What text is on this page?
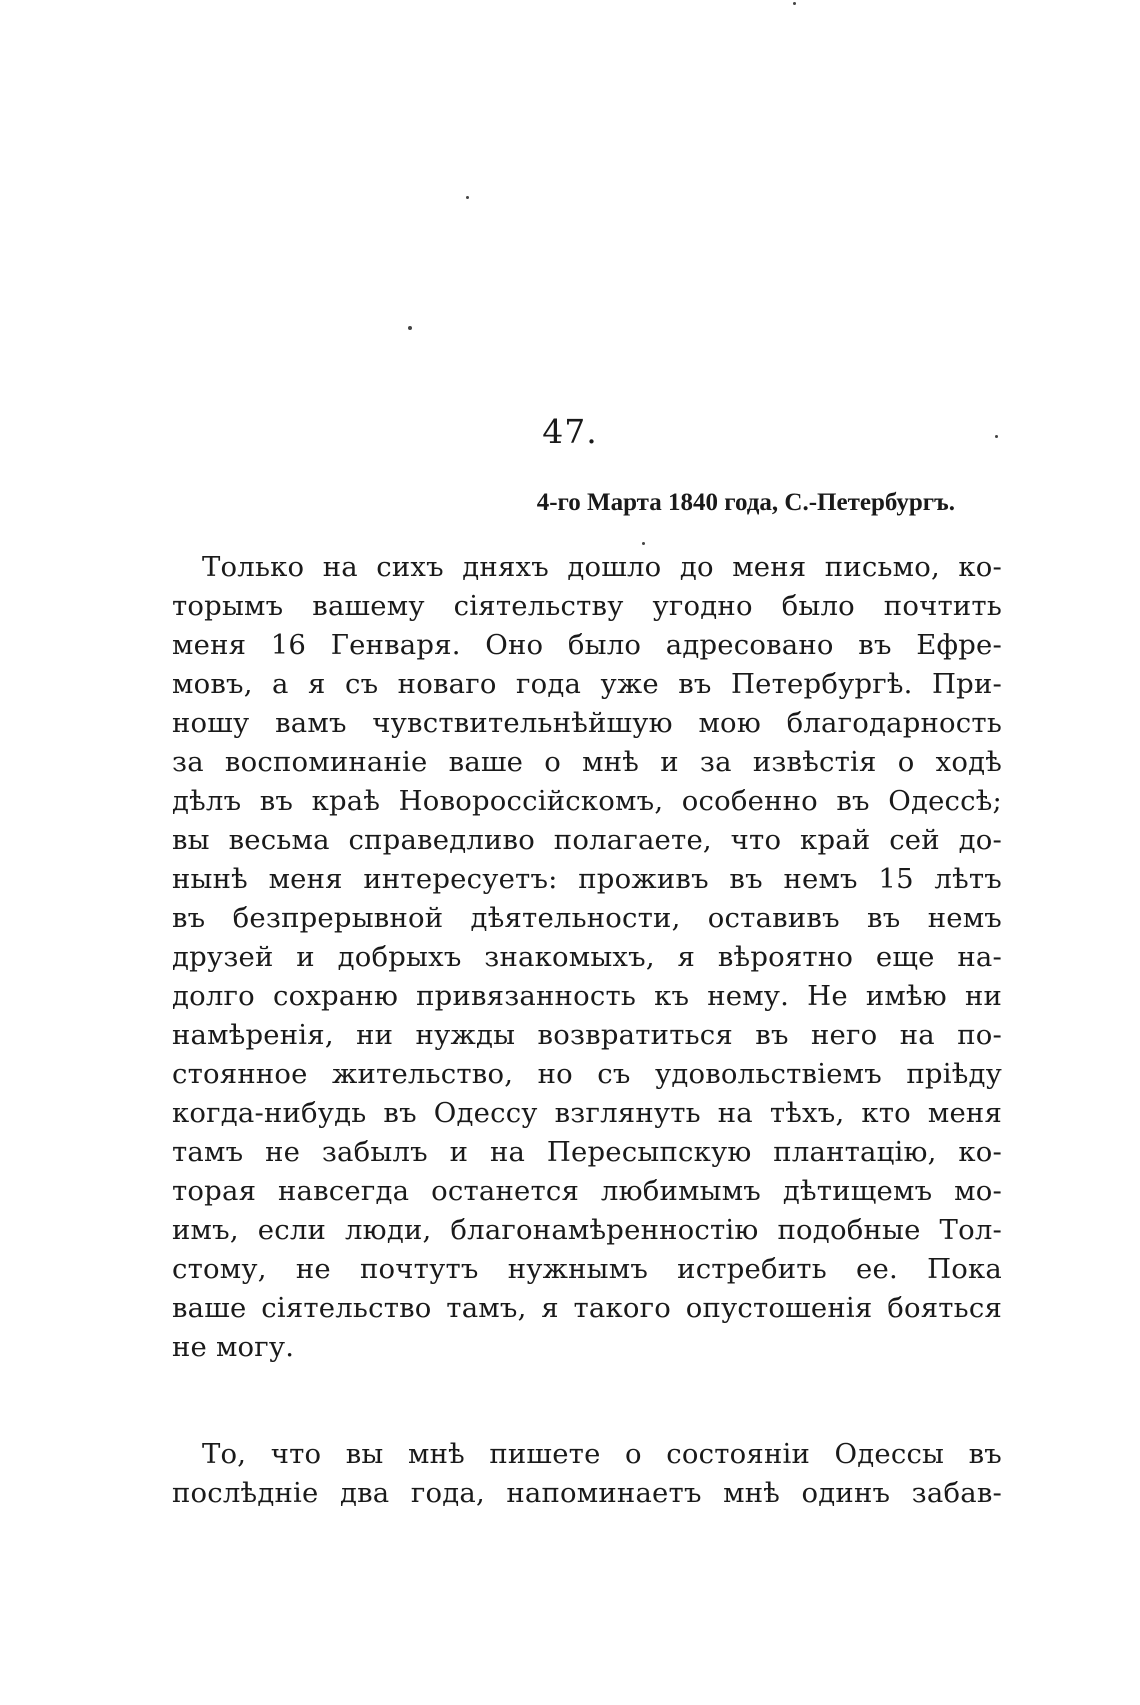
47.
4-го Марта 1840 года, С.-Петербургъ.
Только на сихъ дняхъ дошло до меня письмо, ко-
торымъ вашему сiятельству угодно было почтить
меня 16 Генваря. Оно было адресовано въ Ефре-
мовъ, а я съ новаго года уже въ Петербургѣ. При-
ношу вамъ чувствительнѣйшую мою благодарность
за воспоминанiе ваше о мнѣ и за извѣстiя о ходѣ
дѣлъ въ краѣ Новороссiйскомъ, особенно въ Одессѣ;
вы весьма справедливо полагаете, что край сей до-
нынѣ меня интересуетъ: проживъ въ немъ 15 лѣтъ
въ безпрерывной дѣятельности, оставивъ въ немъ
друзей и добрыхъ знакомыхъ, я вѣроятно еще на-
долго сохраню привязанность къ нему. Не имѣю ни
намѣренiя, ни нужды возвратиться въ него на по-
стоянное жительство, но съ удовольствiемъ прiѣду
когда-нибудь въ Одессу взглянуть на тѣхъ, кто меня
тамъ не забылъ и на Пересыпскую плантацiю, ко-
торая навсегда останется любимымъ дѣтищемъ мо-
имъ, если люди, благонамѣренностiю подобные Тол-
стому, не почтутъ нужнымъ истребить ее. Пока
ваше сiятельство тамъ, я такого опустошенiя бояться
не могу.
То, что вы мнѣ пишете о состоянiи Одессы въ
послѣднiе два года, напоминаетъ мнѣ одинъ забав-
